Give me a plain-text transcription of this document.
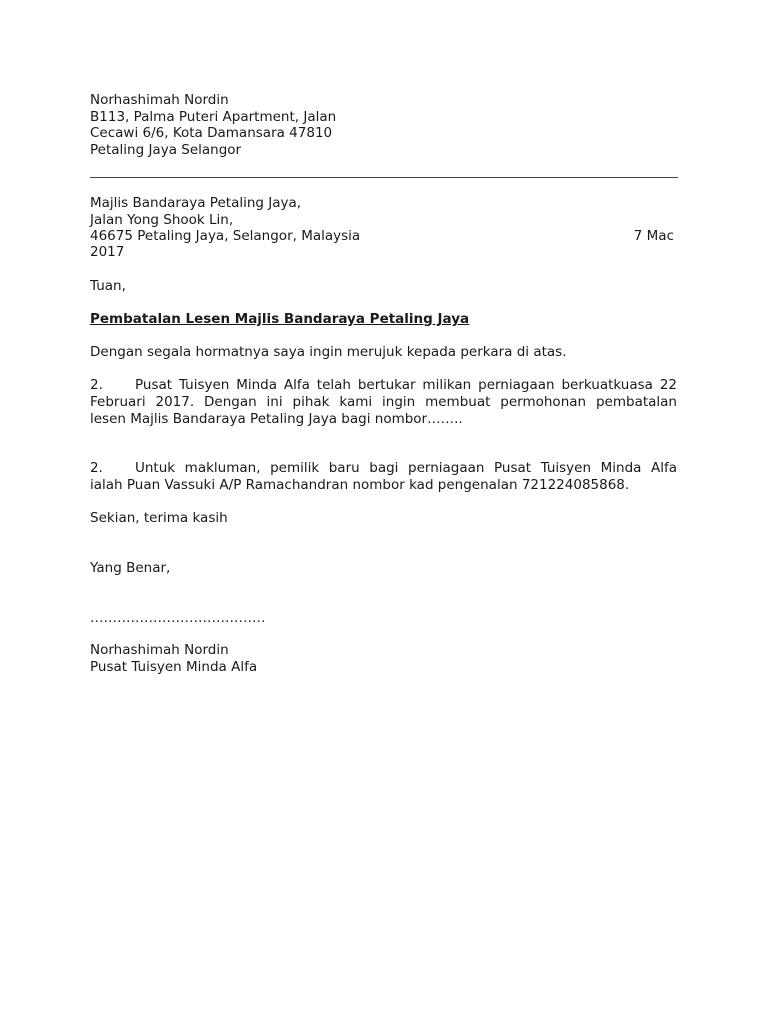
Norhashimah Nordin
B113, Palma Puteri Apartment, Jalan
Cecawi 6/6, Kota Damansara 47810
Petaling Jaya Selangor
Majlis Bandaraya Petaling Jaya,
Jalan Yong Shook Lin,
46675 Petaling Jaya, Selangor, Malaysia	7 Mac
2017
Tuan,
Pembatalan Lesen Majlis Bandaraya Petaling Jaya
Dengan segala hormatnya saya ingin merujuk kepada perkara di atas.
2. Pusat Tuisyen Minda Alfa telah bertukar milikan perniagaan berkuatkuasa 22
Februari 2017. Dengan ini pihak kami ingin membuat permohonan pembatalan
lesen Majlis Bandaraya Petaling Jaya bagi nombor……..
2. Untuk makluman, pemilik baru bagi perniagaan Pusat Tuisyen Minda Alfa
ialah Puan Vassuki A/P Ramachandran nombor kad pengenalan 721224085868.
Sekian, terima kasih
Yang Benar,
…………………………………
Norhashimah Nordin
Pusat Tuisyen Minda Alfa
